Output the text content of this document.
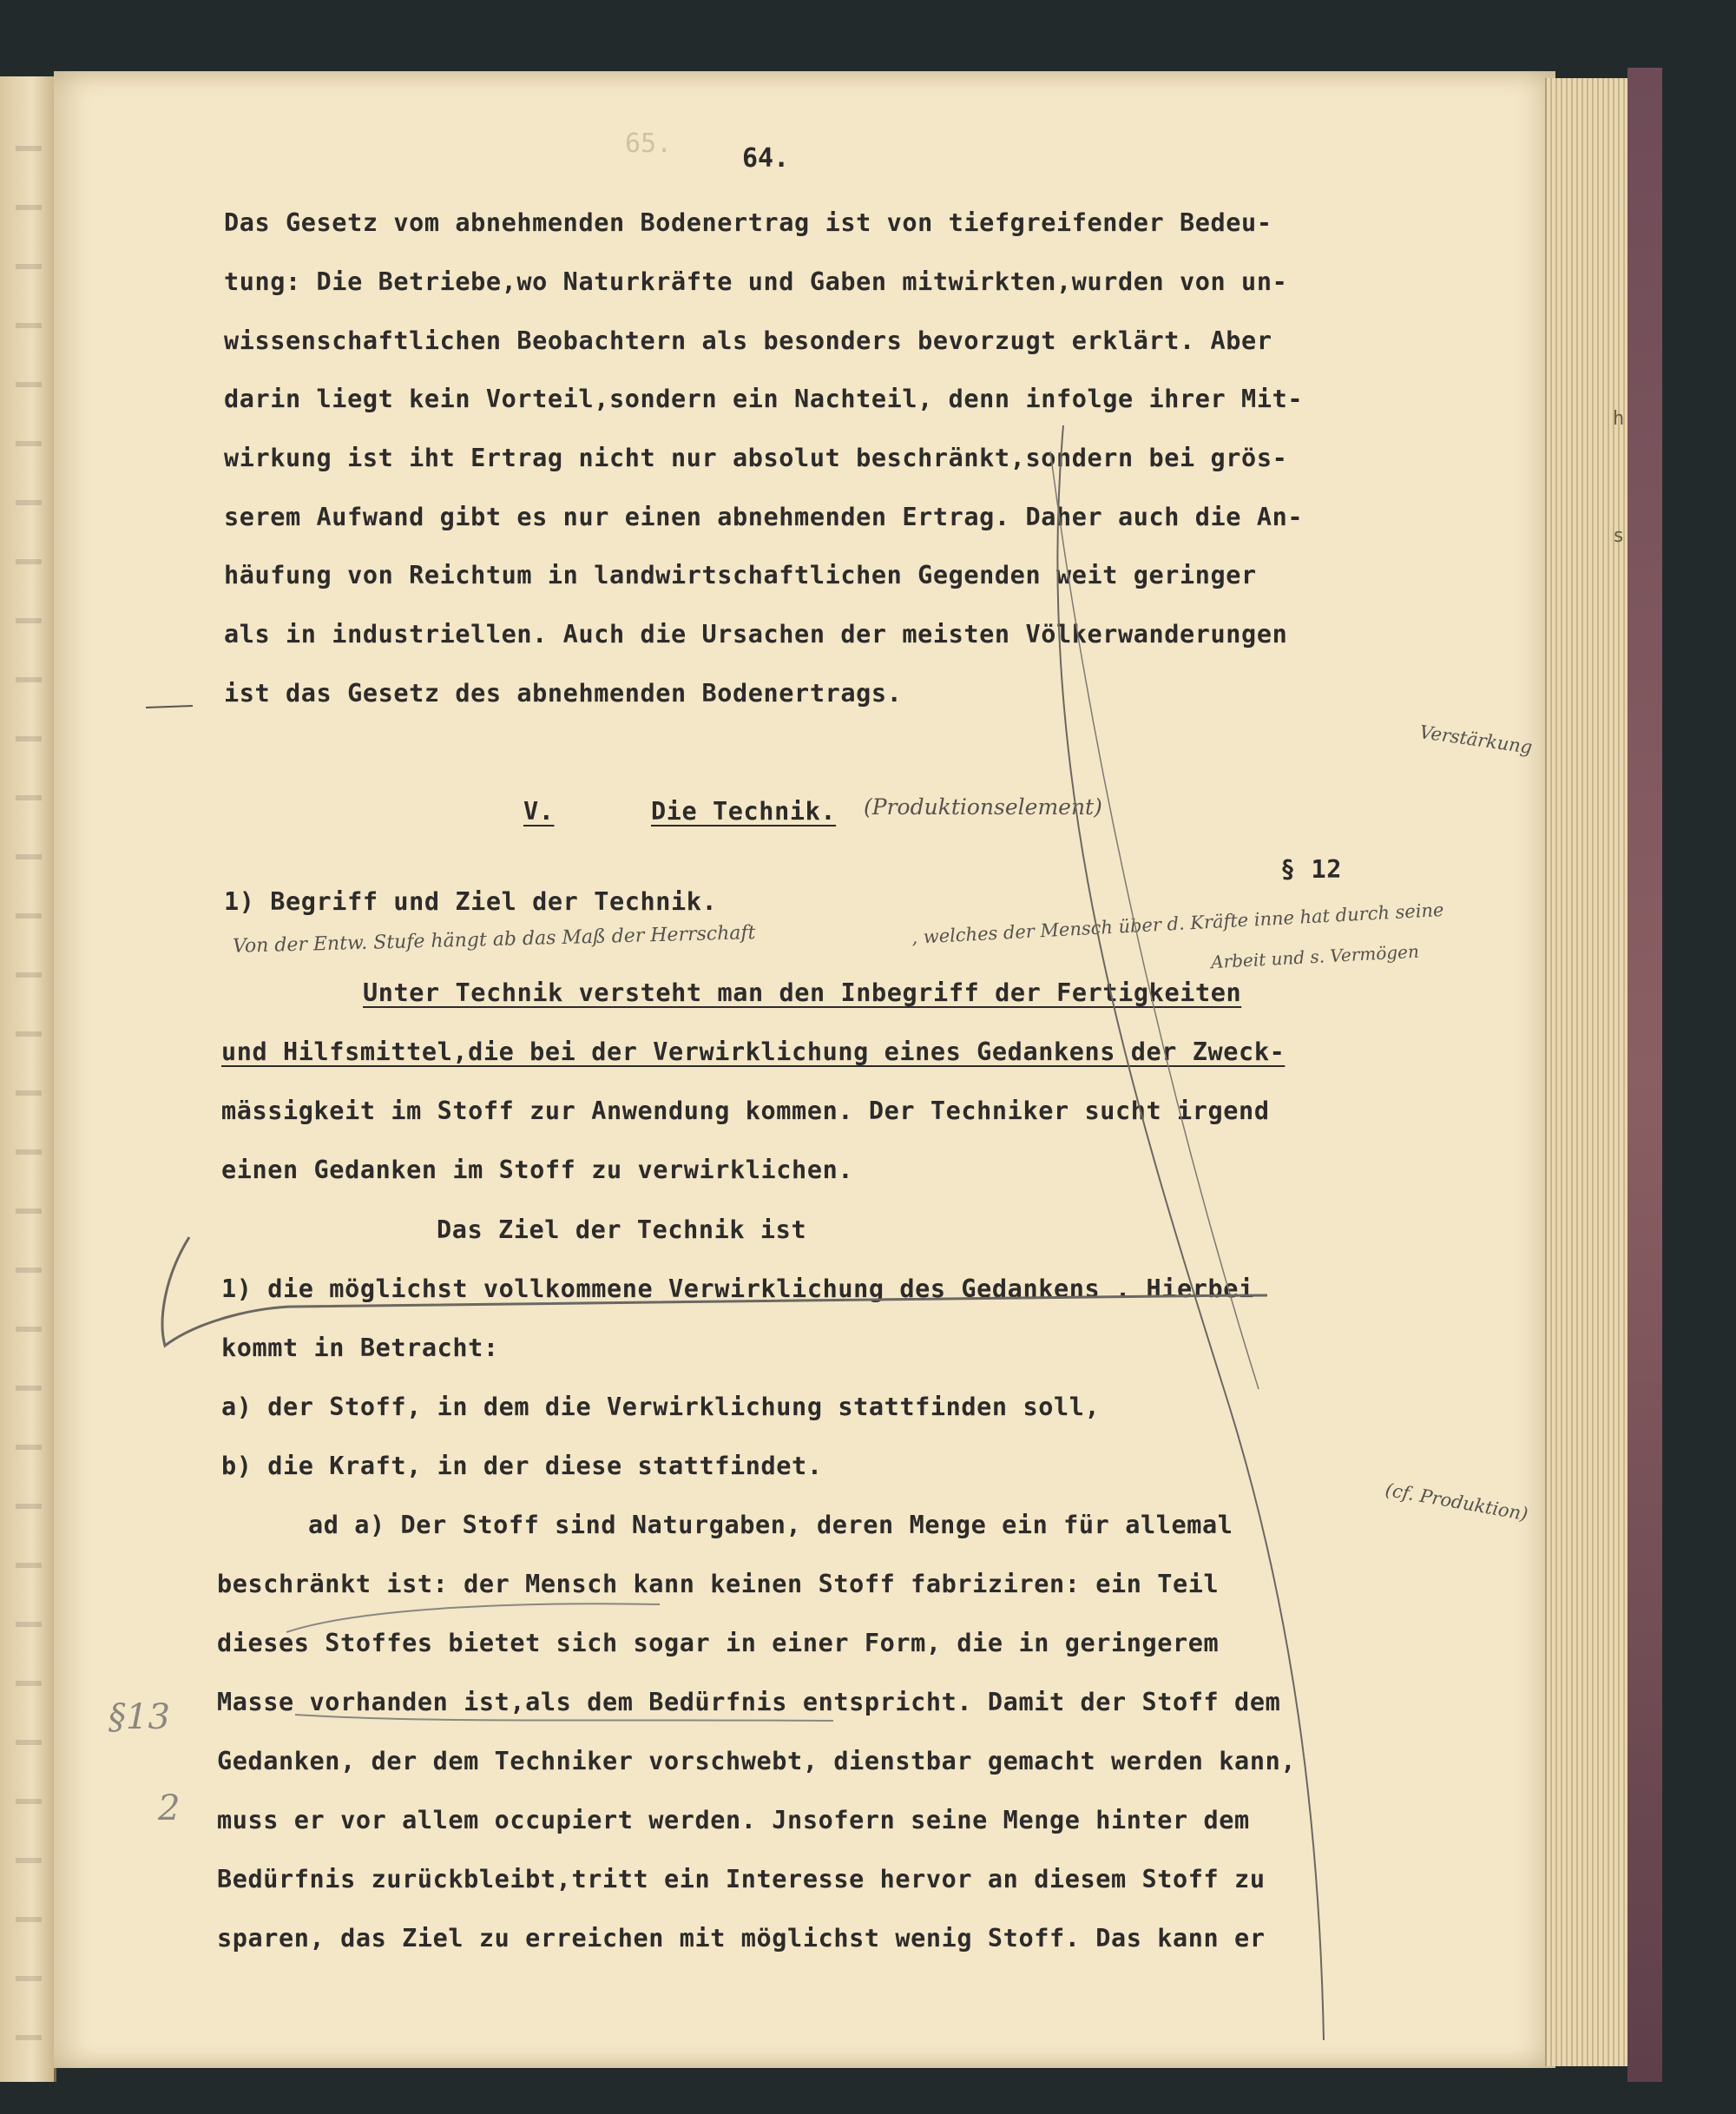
h
s
65.	64.
Das Gesetz vom abnehmenden Bodenertrag ist von tiefgreifender Bedeu-
tung: Die Betriebe,wo Naturkräfte und Gaben mitwirkten,wurden von un-
wissenschaftlichen Beobachtern als besonders bevorzugt erklärt. Aber
darin liegt kein Vorteil,sondern ein Nachteil, denn infolge ihrer Mit-
wirkung ist iht Ertrag nicht nur absolut beschränkt,sondern bei grös-
serem Aufwand gibt es nur einen abnehmenden Ertrag. Daher auch die An-
häufung von Reichtum in landwirtschaftlichen Gegenden weit geringer
als in industriellen. Auch die Ursachen der meisten Völkerwanderungen
ist das Gesetz des abnehmenden Bodenertrags.
V.	Die Technik. (Produktionselement)
§ 12
1) Begriff und Ziel der Technik.
Von der Entw. Stufe hängt ab das Maß der Herrschaft	, welches der Mensch über d. Kräfte inne hat durch seine
Arbeit und s. Vermögen
Verstärkung
Unter Technik versteht man den Inbegriff der Fertigkeiten
und Hilfsmittel,die bei der Verwirklichung eines Gedankens der Zweck-
mässigkeit im Stoff zur Anwendung kommen. Der Techniker sucht irgend
einen Gedanken im Stoff zu verwirklichen.
Das Ziel der Technik ist
1) die möglichst vollkommene Verwirklichung des Gedankens . Hierbei
kommt in Betracht:
a) der Stoff, in dem die Verwirklichung stattfinden soll,
b) die Kraft, in der diese stattfindet.
ad a) Der Stoff sind Naturgaben, deren Menge ein für allemal
(cf. Produktion)
beschränkt ist: der Mensch kann keinen Stoff fabriziren: ein Teil
dieses Stoffes bietet sich sogar in einer Form, die in geringerem
Masse vorhanden ist,als dem Bedürfnis entspricht. Damit der Stoff dem
Gedanken, der dem Techniker vorschwebt, dienstbar gemacht werden kann,
muss er vor allem occupiert werden. Jnsofern seine Menge hinter dem
Bedürfnis zurückbleibt,tritt ein Interesse hervor an diesem Stoff zu
sparen, das Ziel zu erreichen mit möglichst wenig Stoff. Das kann er
§13
2
